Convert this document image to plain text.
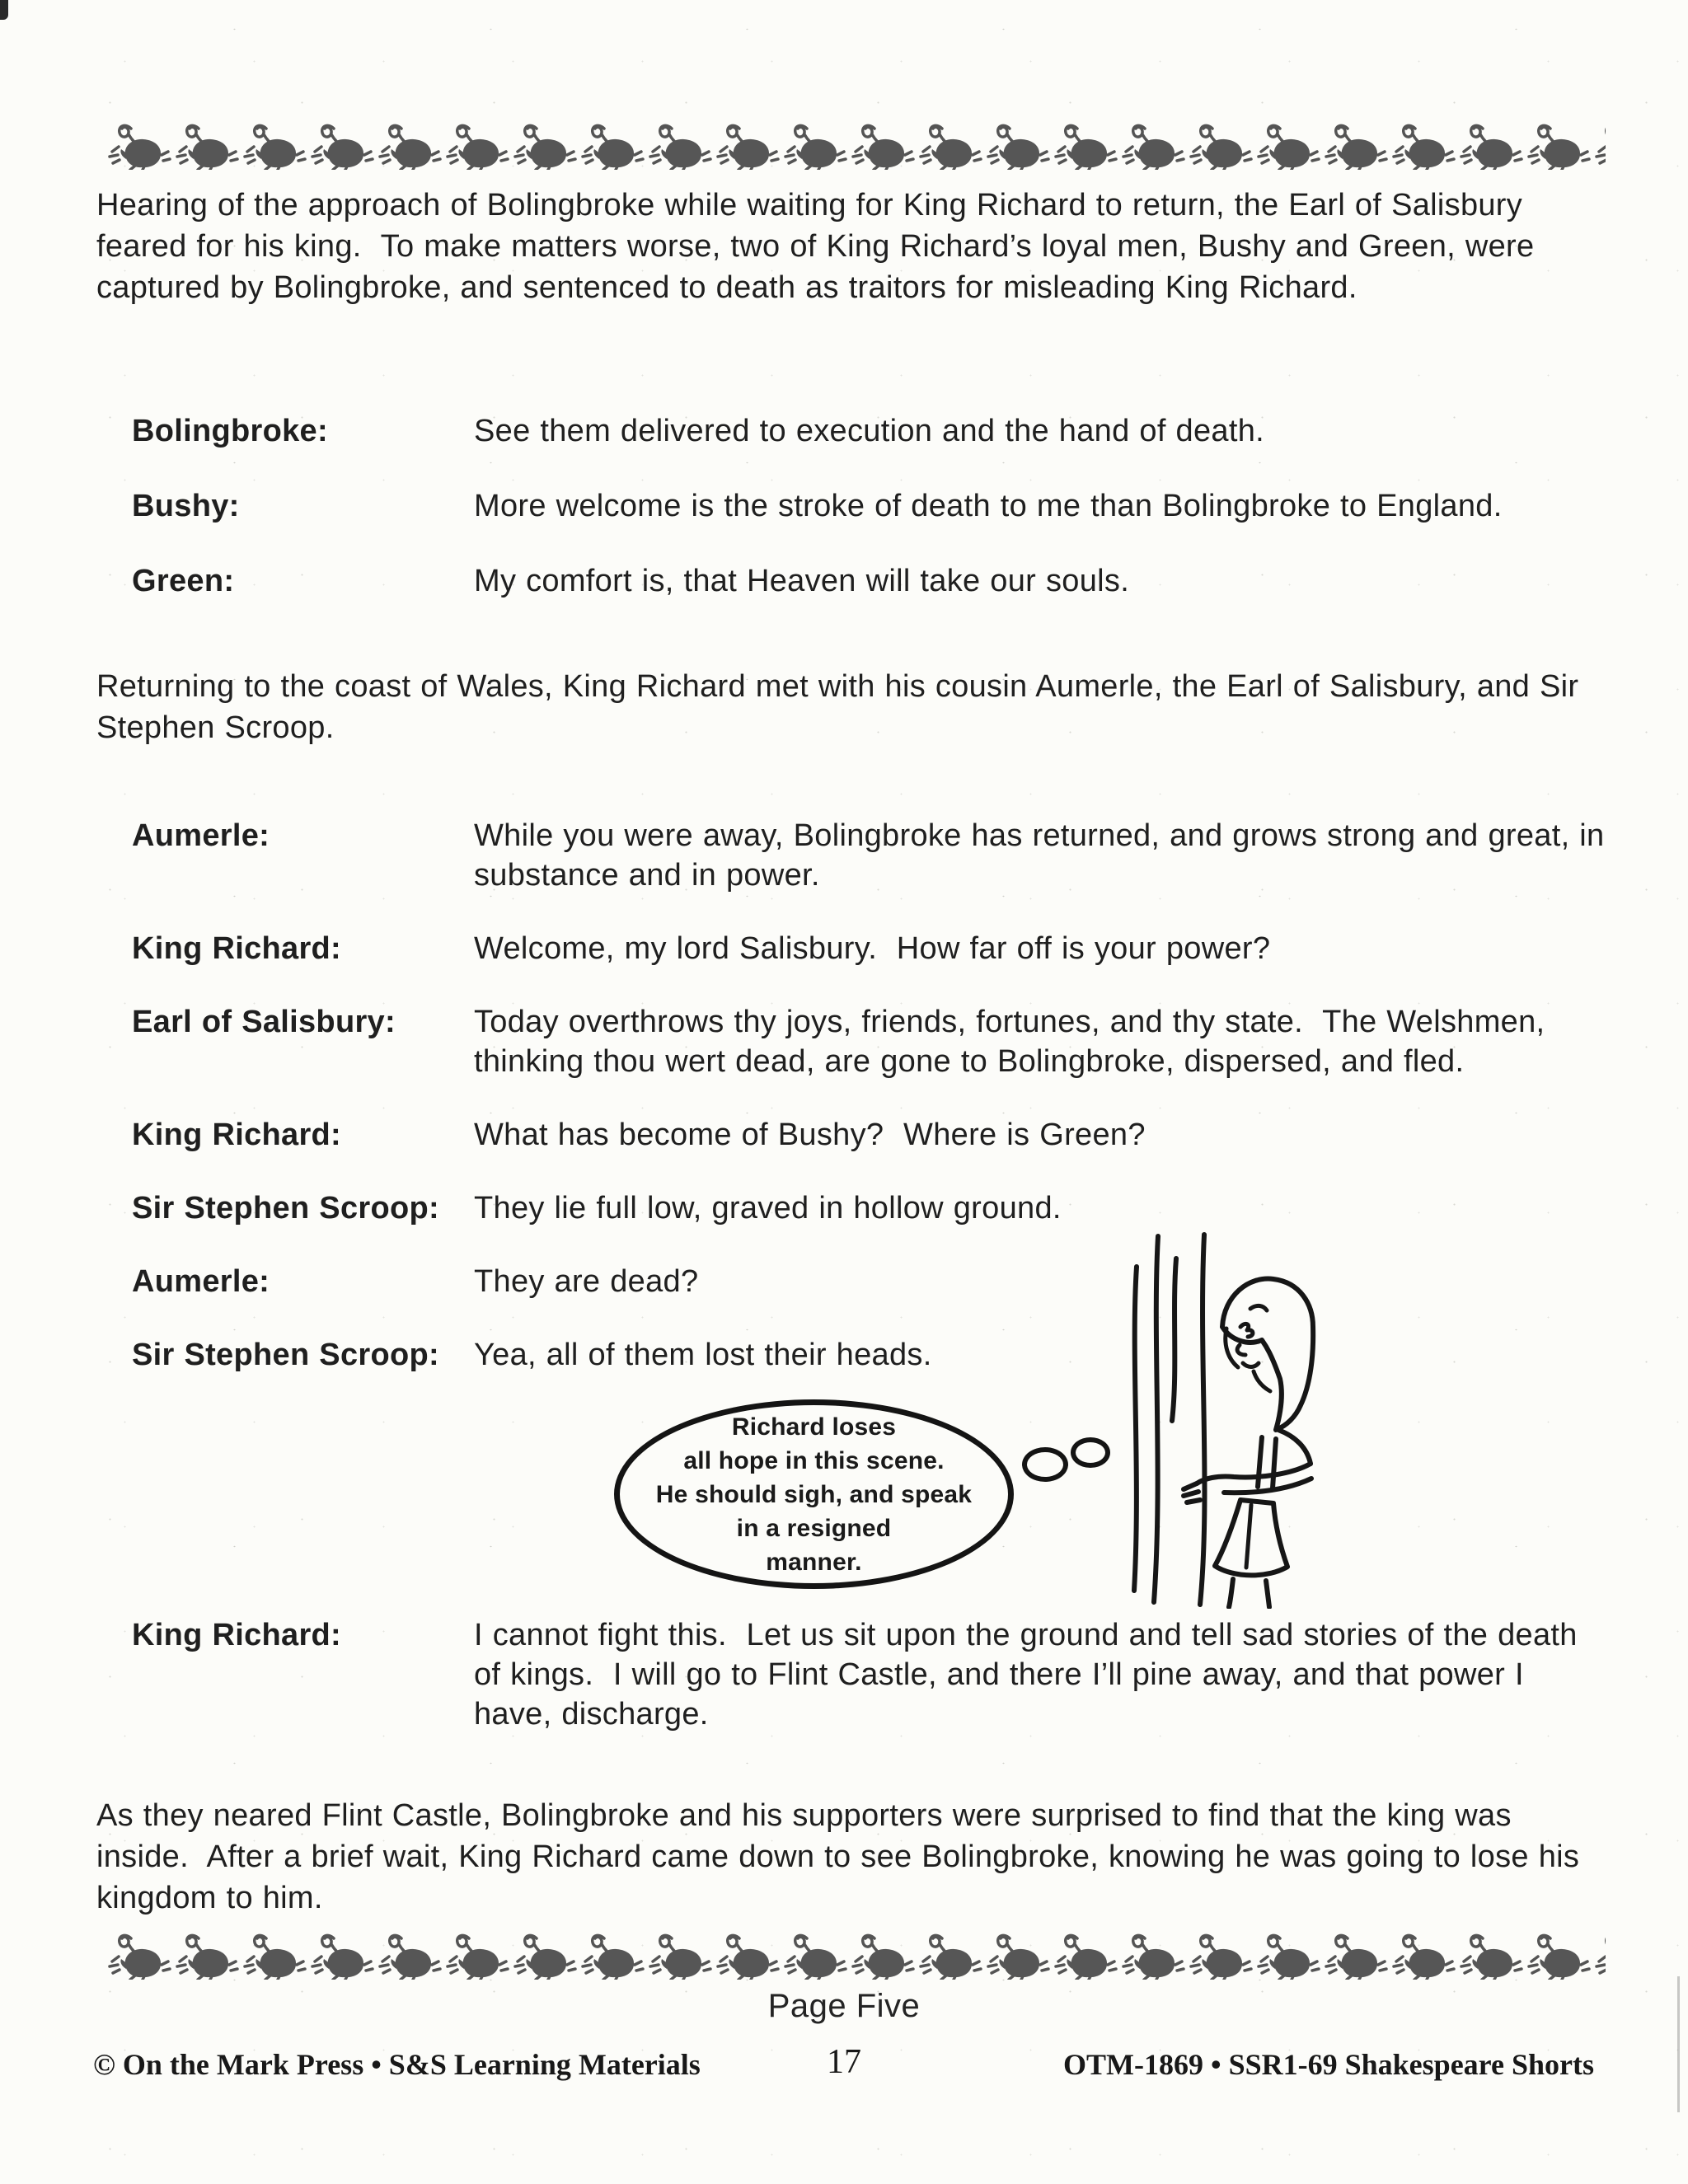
Hearing of the approach of Bolingbroke while waiting for King Richard to return, the Earl of Salisbury feared for his king.  To make matters worse, two of King Richard’s loyal men, Bushy and Green, were captured by Bolingbroke, and sentenced to death as traitors for misleading King Richard.
Bolingbroke:	See them delivered to execution and the hand of death.
Bushy:	More welcome is the stroke of death to me than Bolingbroke to England.
Green:	My comfort is, that Heaven will take our souls.
Returning to the coast of Wales, King Richard met with his cousin Aumerle, the Earl of Salisbury, and Sir Stephen Scroop.
Aumerle:	While you were away, Bolingbroke has returned, and grows strong and great, in substance and in power.
King Richard:	Welcome, my lord Salisbury.  How far off is your power?
Earl of Salisbury:	Today overthrows thy joys, friends, fortunes, and thy state.  The Welshmen, thinking thou wert dead, are gone to Bolingbroke, dispersed, and fled.
King Richard:	What has become of Bushy?  Where is Green?
Sir Stephen Scroop:	They lie full low, graved in hollow ground.
Aumerle:	They are dead?
Sir Stephen Scroop:	Yea, all of them lost their heads.
Richard loses
all hope in this scene.
He should sigh, and speak
in a resigned
manner.
King Richard:	I cannot fight this.  Let us sit upon the ground and tell sad stories of the death of kings.  I will go to Flint Castle, and there I’ll pine away, and that power I have, discharge.
As they neared Flint Castle, Bolingbroke and his supporters were surprised to find that the king was inside.  After a brief wait, King Richard came down to see Bolingbroke, knowing he was going to lose his kingdom to him.
Page Five
© On the Mark Press • S&S Learning Materials	17	OTM-1869 • SSR1-69 Shakespeare Shorts
